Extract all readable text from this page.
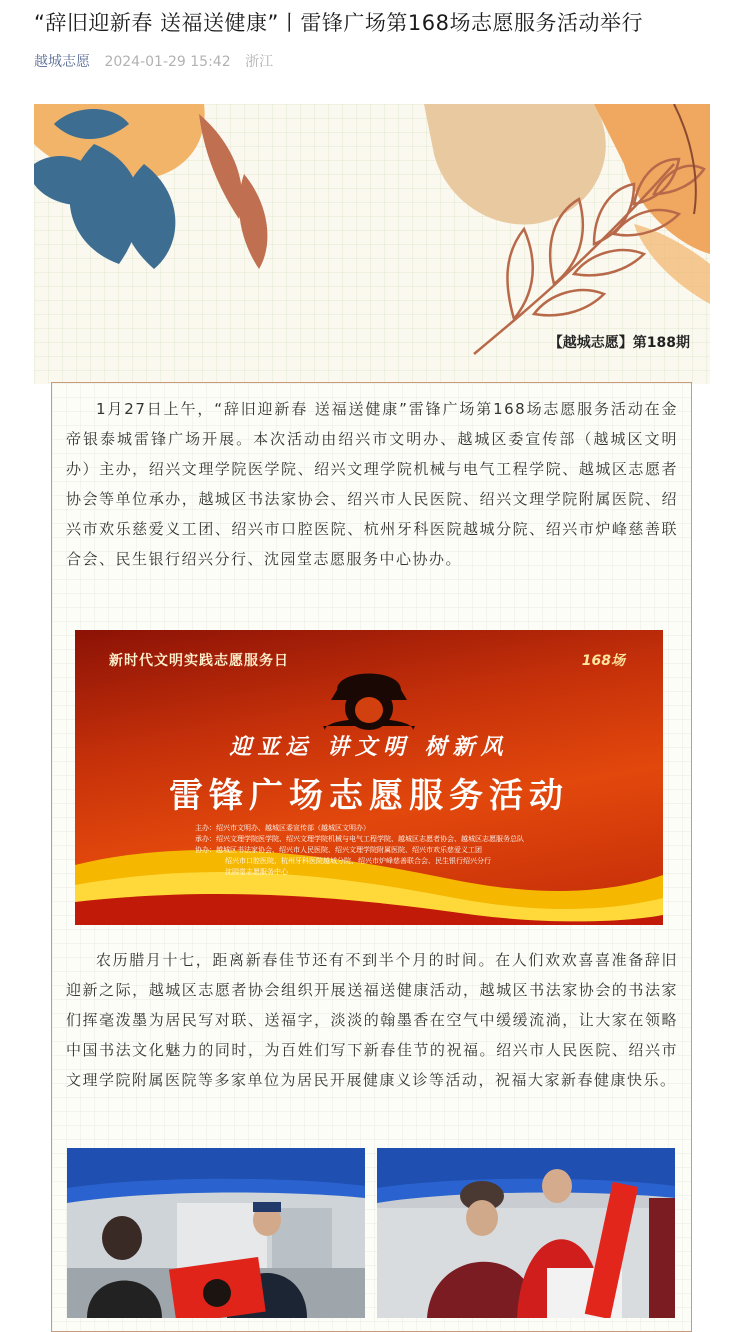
“辞旧迎新春 送福送健康”丨雷锋广场第168场志愿服务活动举行
越城志愿 2024-01-29 15:42 浙江
【越城志愿】第188期

1月27日上午，“辞旧迎新春 送福送健康”雷锋广场第168场志愿服务活动在金帝银泰城雷锋广场开展。本次活动由绍兴市文明办、越城区委宣传部（越城区文明办）主办，绍兴文理学院医学院、绍兴文理学院机械与电气工程学院、越城区志愿者协会等单位承办，越城区书法家协会、绍兴市人民医院、绍兴文理学院附属医院、绍兴市欢乐慈爱义工团、绍兴市口腔医院、杭州牙科医院越城分院、绍兴市炉峰慈善联合会、民生银行绍兴分行、沈园堂志愿服务中心协办。

新时代文明实践志愿服务日	168场
迎亚运 讲文明 树新风
雷锋广场志愿服务活动
主办：绍兴市文明办、越城区委宣传部（越城区文明办）
承办：绍兴文理学院医学院、绍兴文理学院机械与电气工程学院、越城区志愿者协会、越城区志愿服务总队
协办：越城区书法家协会、绍兴市人民医院、绍兴文理学院附属医院、绍兴市欢乐慈爱义工团
绍兴市口腔医院、杭州牙科医院越城分院、绍兴市炉峰慈善联合会、民生银行绍兴分行
沈园堂志愿服务中心

农历腊月十七，距离新春佳节还有不到半个月的时间。在人们欢欢喜喜准备辞旧迎新之际，越城区志愿者协会组织开展送福送健康活动，越城区书法家协会的书法家们挥毫泼墨为居民写对联、送福字，淡淡的翰墨香在空气中缓缓流淌，让大家在领略中国书法文化魅力的同时，为百姓们写下新春佳节的祝福。绍兴市人民医院、绍兴市文理学院附属医院等多家单位为居民开展健康义诊等活动，祝福大家新春健康快乐。
